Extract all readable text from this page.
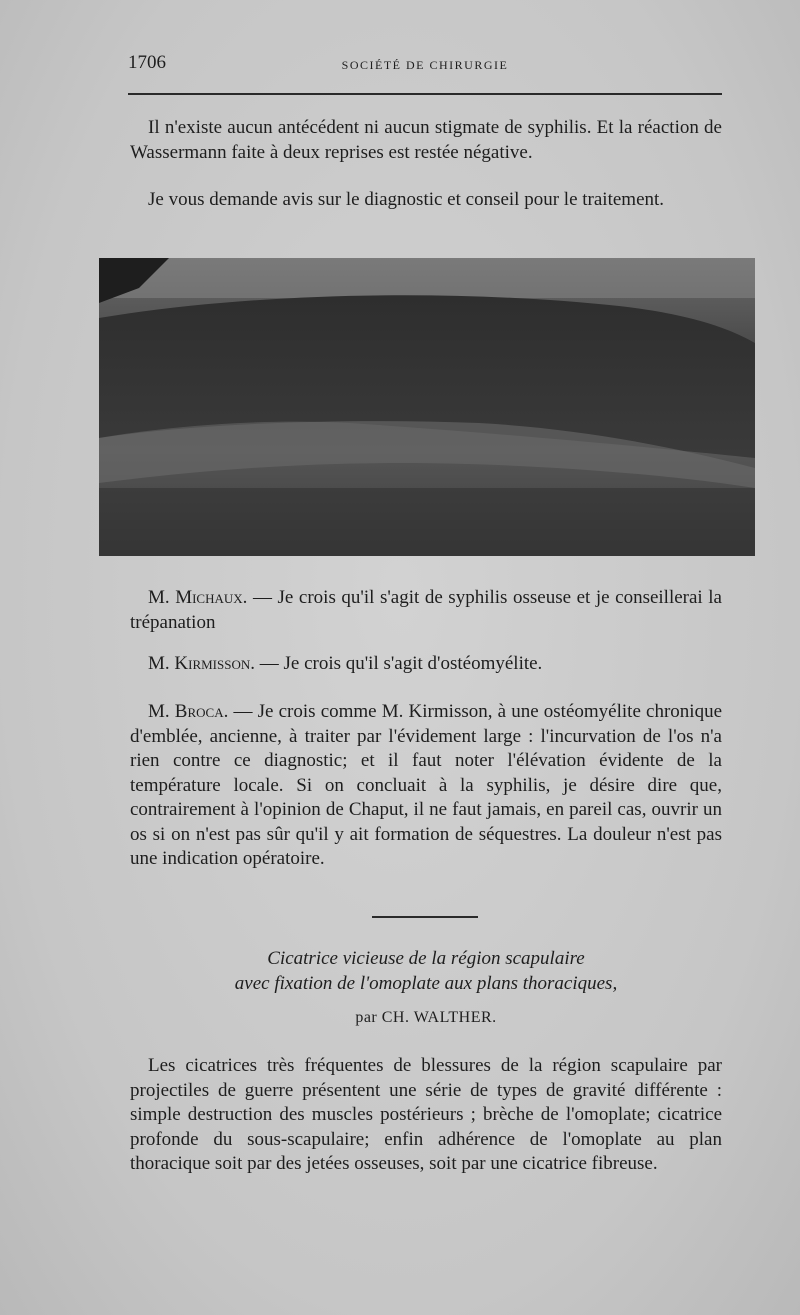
1706	SOCIÉTÉ DE CHIRURGIE
Il n'existe aucun antécédent ni aucun stigmate de syphilis. Et la réaction de Wassermann faite à deux reprises est restée négative.
Je vous demande avis sur le diagnostic et conseil pour le traitement.
M. Michaux. — Je crois qu'il s'agit de syphilis osseuse et je conseillerai la trépanation
M. Kirmisson. — Je crois qu'il s'agit d'ostéomyélite.
M. Broca. — Je crois comme M. Kirmisson, à une ostéomyélite chronique d'emblée, ancienne, à traiter par l'évidement large : l'incurvation de l'os n'a rien contre ce diagnostic; et il faut noter l'élévation évidente de la température locale. Si on concluait à la syphilis, je désire dire que, contrairement à l'opinion de Chaput, il ne faut jamais, en pareil cas, ouvrir un os si on n'est pas sûr qu'il y ait formation de séquestres. La douleur n'est pas une indication opératoire.
Cicatrice vicieuse de la région scapulaire
avec fixation de l'omoplate aux plans thoraciques,
par CH. WALTHER.
Les cicatrices très fréquentes de blessures de la région scapulaire par projectiles de guerre présentent une série de types de gravité différente : simple destruction des muscles postérieurs ; brèche de l'omoplate; cicatrice profonde du sous-scapulaire; enfin adhérence de l'omoplate au plan thoracique soit par des jetées osseuses, soit par une cicatrice fibreuse.
